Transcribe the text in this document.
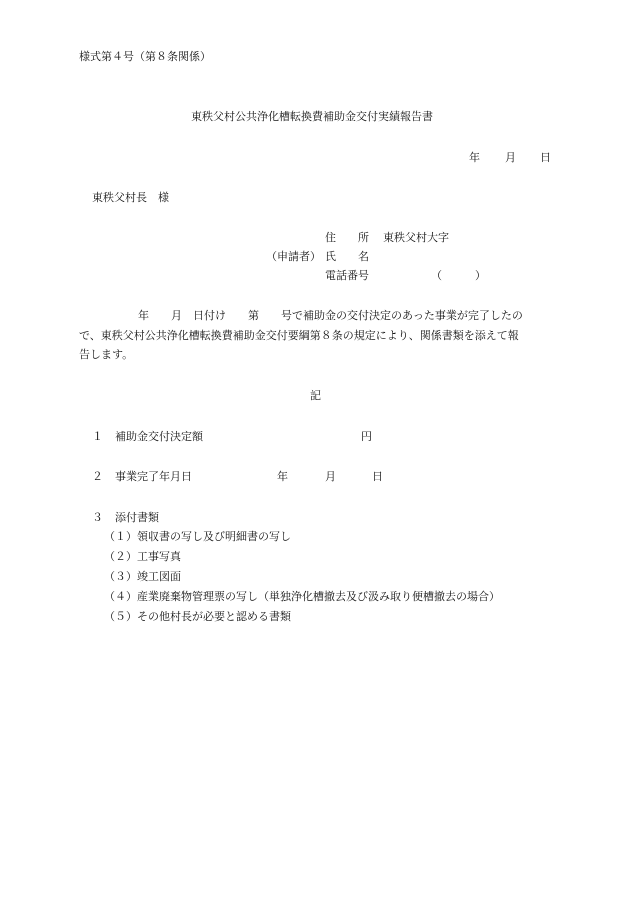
様式第４号（第８条関係）
東秩父村公共浄化槽転換費補助金交付実績報告書
年 月 日
東秩父村長　様
住　　所 東秩父村大字
（申請者） 氏　　名
電話番号	（　　　）
年　　月　日付け　　第　　号で補助金の交付決定のあった事業が完了したの
で、東秩父村公共浄化槽転換費補助金交付要綱第８条の規定により、関係書類を添えて報
告します。
記
１ 補助金交付決定額	円
２ 事業完了年月日	年	月	日
３ 添付書類
（１）領収書の写し及び明細書の写し
（２）工事写真
（３）竣工図面
（４）産業廃棄物管理票の写し（単独浄化槽撤去及び汲み取り便槽撤去の場合）
（５）その他村長が必要と認める書類
